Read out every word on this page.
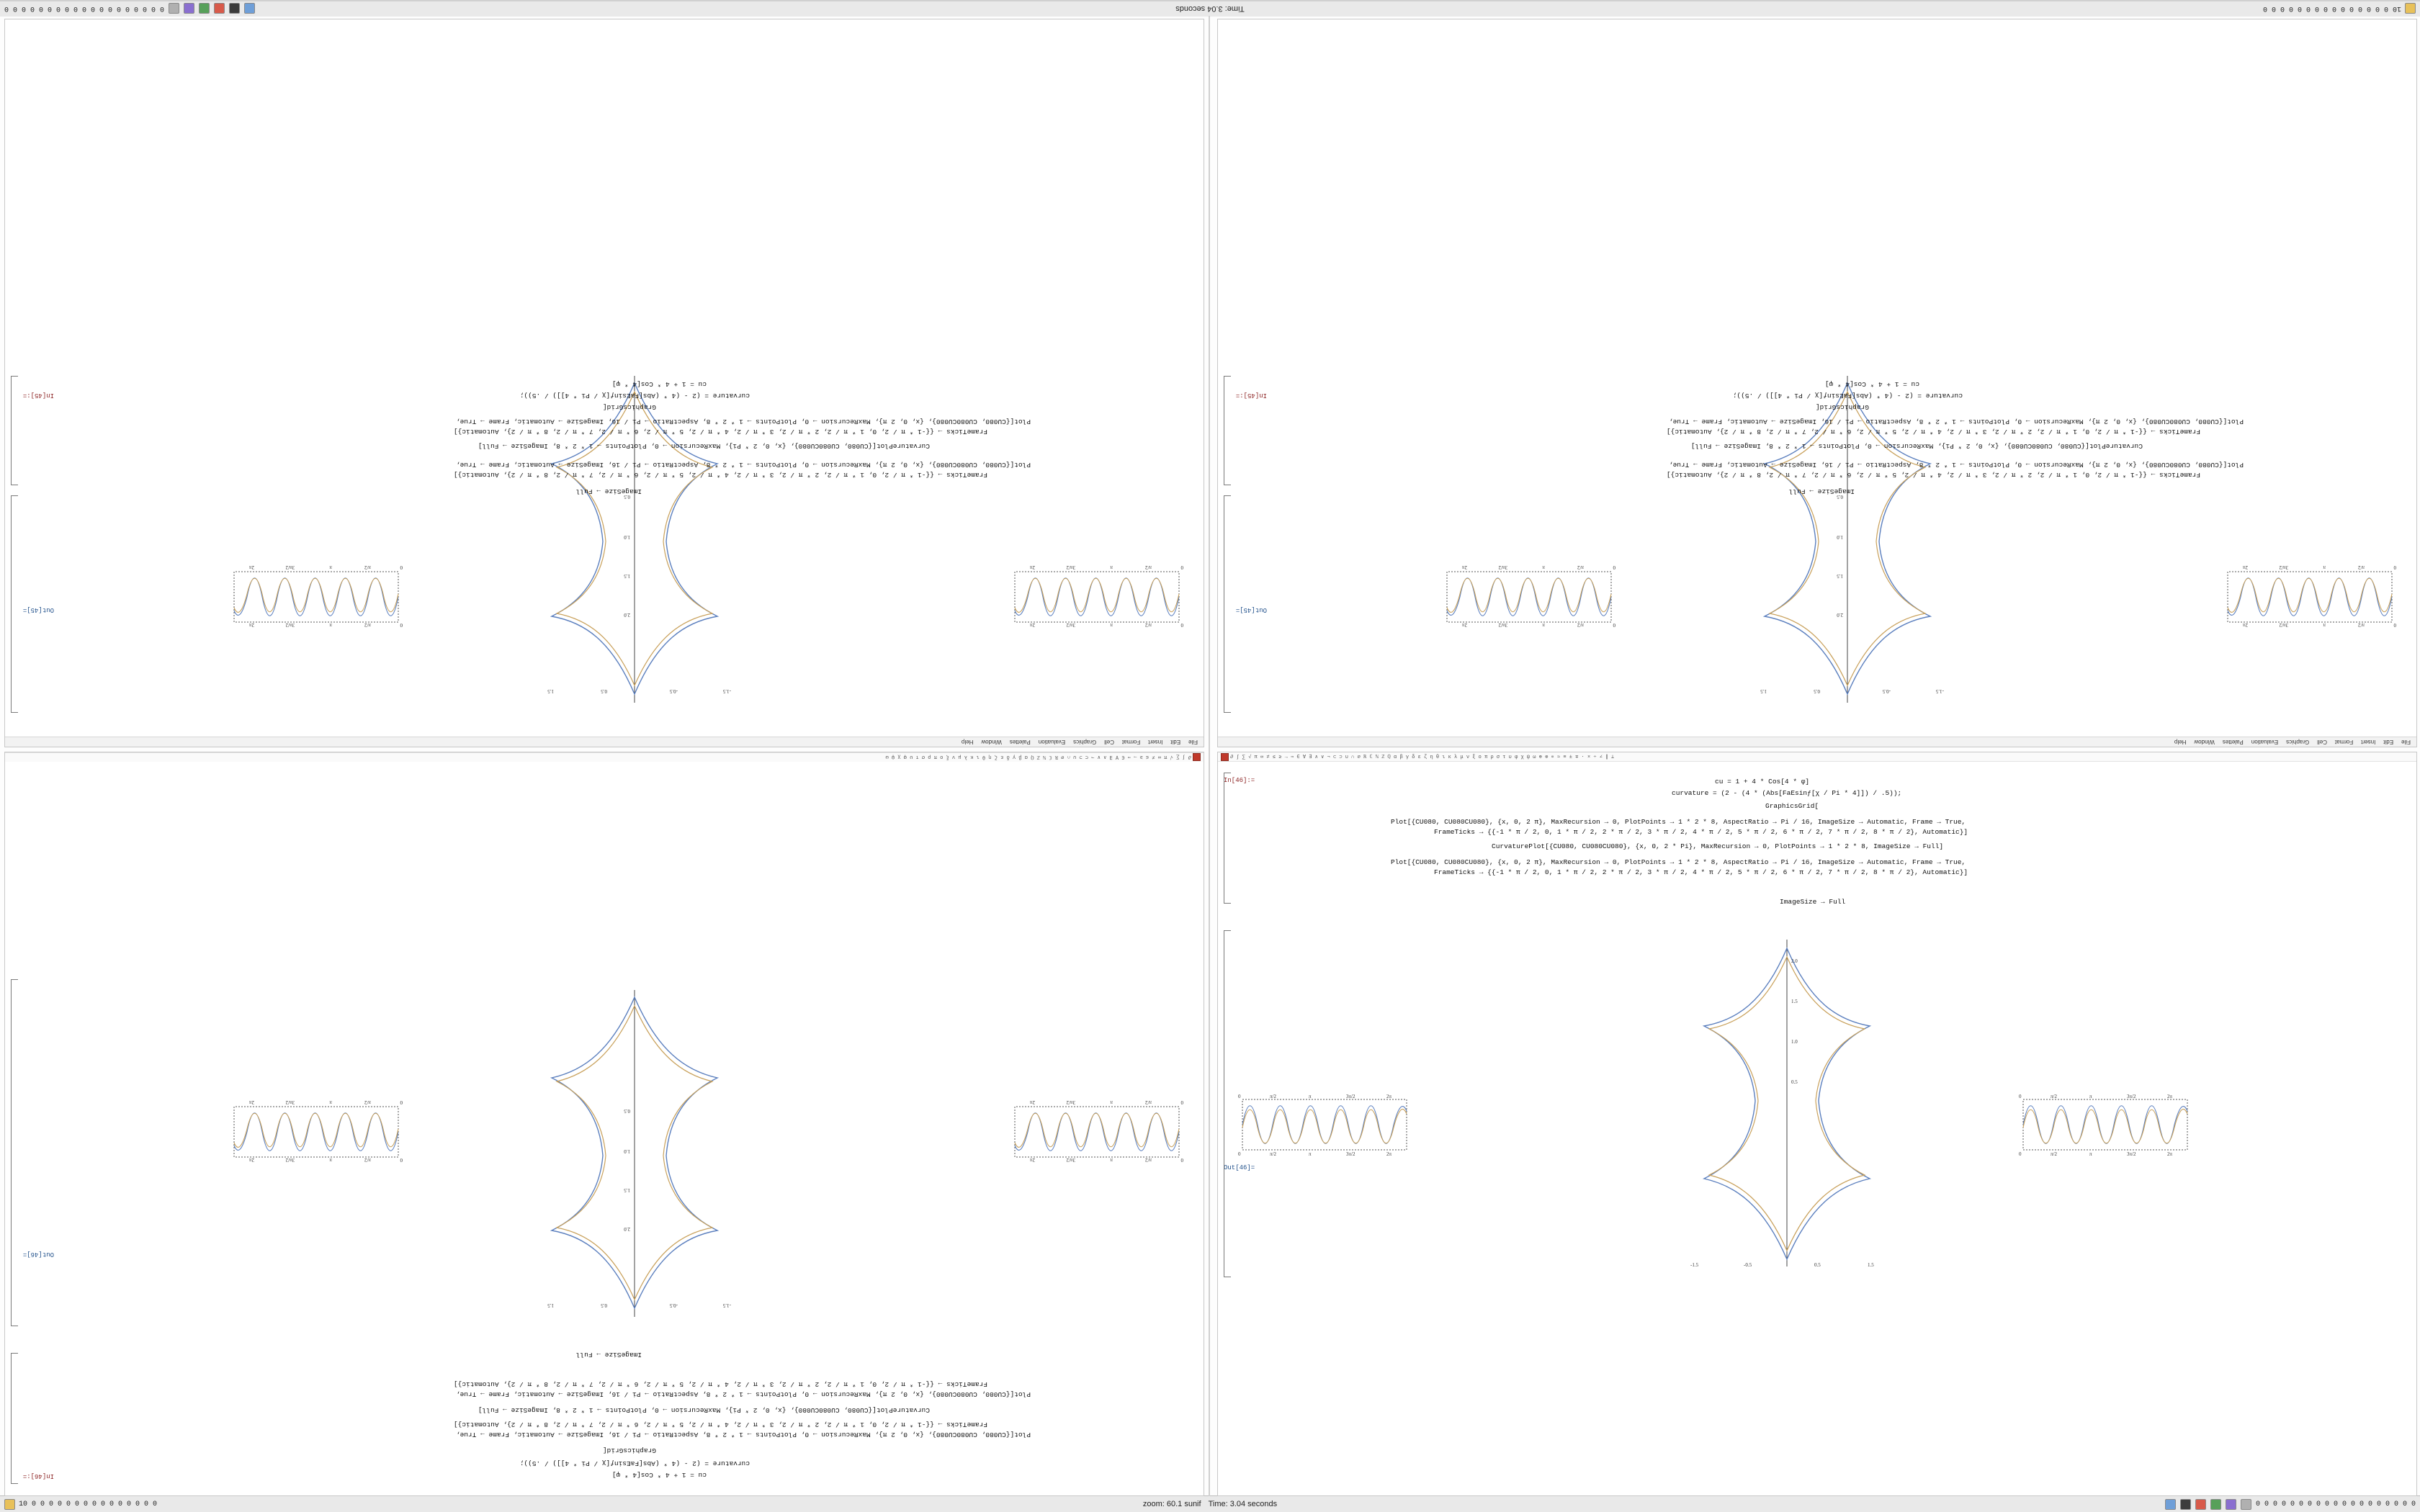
10 0 0 0 0 0 0 0 0 0 0 0 0 0 0 0
Time: 3.04 seconds
0 0 0 0 0 0 0 0 0 0 0 0 0 0 0 0 0 0 0
10 0 0 0 0 0 0 0 0 0 0 0 0 0 0 0	zoom: 60.1 sunif Time: 3.04 seconds	0 0 0 0 0 0 0 0 0 0 0 0 0 0 0 0 0 0 0
File
Edit
Insert
Format
Cell
Graphics
Evaluation
Palettes
Window
Help
-1.5
-0.5
0.5
1.5
2.0
1.5
1.0
0.5
0
π/2
π
3π/2
2π
0
π/2
π
3π/2
2π
0
π/2
π
3π/2
2π
0
π/2
π
3π/2
2π
Out[45]=
ImageSize → Full
FrameTicks → {{-1 * π / 2, 0, 1 * π / 2, 2 * π / 2, 3 * π / 2, 4 * π / 2, 5 * π / 2, 6 * π / 2, 7 * π / 2, 8 * π / 2}, Automatic}]
Plot[{CU080, CU080CU080}, {x, 0, 2 π}, MaxRecursion → 0, PlotPoints → 1 * 2 * 8, AspectRatio → Pi / 16, ImageSize → Automatic, Frame → True,
CurvaturePlot[{CU080, CU080CU080}, {x, 0, 2 * Pi}, MaxRecursion → 0, PlotPoints → 1 * 2 * 8, ImageSize → Full]
FrameTicks → {{-1 * π / 2, 0, 1 * π / 2, 2 * π / 2, 3 * π / 2, 4 * π / 2, 5 * π / 2, 6 * π / 2, 7 * π / 2, 8 * π / 2}, Automatic}]
Plot[{CU080, CU080CU080}, {x, 0, 2 π}, MaxRecursion → 0, PlotPoints → 1 * 2 * 8, AspectRatio → Pi / 16, ImageSize → Automatic, Frame → True,
GraphicsGrid[
curvature = (2 - (4 * (Abs[FaEsinƒ[χ / Pi * 4]]) / .5));
cu = 1 + 4 * Cos[4 * φ]
In[45]:=
File
Edit
Insert
Format
Cell
Graphics
Evaluation
Palettes
Window
Help
-1.5
-0.5
0.5
1.5
2.0
1.5
1.0
0.5
0
π/2
π
3π/2
2π
0
π/2
π
3π/2
2π
0
π/2
π
3π/2
2π
0
π/2
π
3π/2
2π
Out[45]=
ImageSize → Full
FrameTicks → {{-1 * π / 2, 0, 1 * π / 2, 2 * π / 2, 3 * π / 2, 4 * π / 2, 5 * π / 2, 6 * π / 2, 7 * π / 2, 8 * π / 2}, Automatic}]
Plot[{CU080, CU080CU080}, {x, 0, 2 π}, MaxRecursion → 0, PlotPoints → 1 * 2 * 8, AspectRatio → Pi / 16, ImageSize → Automatic, Frame → True,
CurvaturePlot[{CU080, CU080CU080}, {x, 0, 2 * Pi}, MaxRecursion → 0, PlotPoints → 1 * 2 * 8, ImageSize → Full]
FrameTicks → {{-1 * π / 2, 0, 1 * π / 2, 2 * π / 2, 3 * π / 2, 4 * π / 2, 5 * π / 2, 6 * π / 2, 7 * π / 2, 8 * π / 2}, Automatic}]
Plot[{CU080, CU080CU080}, {x, 0, 2 π}, MaxRecursion → 0, PlotPoints → 1 * 2 * 8, AspectRatio → Pi / 16, ImageSize → Automatic, Frame → True,
GraphicsGrid[
curvature = (2 - (4 * (Abs[FaEsinƒ[χ / Pi * 4]]) / .5));
cu = 1 + 4 * Cos[4 * φ]
In[45]:=
∂ ∫ ∑ √ π ∞ ≠ ≤ ≥ → ⇒ ∈ ∀ ∃ ∧ ∨ ¬ ⊂ ⊃ ∪ ∩ ∅ ℝ ℂ ℕ ℤ ℚ α β γ δ ε ζ η θ ι κ λ μ ν ξ ο π ρ σ τ υ φ χ ψ ω
In[46]:=	cu = 1 + 4 * Cos[4 * φ]
curvature = (2 - (4 * (Abs[FaEsinƒ[χ / Pi * 4]]) / .5));
GraphicsGrid[
Plot[{CU080, CU080CU080}, {x, 0, 2 π}, MaxRecursion → 0, PlotPoints → 1 * 2 * 8, AspectRatio → Pi / 16, ImageSize → Automatic, Frame → True,
FrameTicks → {{-1 * π / 2, 0, 1 * π / 2, 2 * π / 2, 3 * π / 2, 4 * π / 2, 5 * π / 2, 6 * π / 2, 7 * π / 2, 8 * π / 2}, Automatic}]
CurvaturePlot[{CU080, CU080CU080}, {x, 0, 2 * Pi}, MaxRecursion → 0, PlotPoints → 1 * 2 * 8, ImageSize → Full]
Plot[{CU080, CU080CU080}, {x, 0, 2 π}, MaxRecursion → 0, PlotPoints → 1 * 2 * 8, AspectRatio → Pi / 16, ImageSize → Automatic, Frame → True,
FrameTicks → {{-1 * π / 2, 0, 1 * π / 2, 2 * π / 2, 3 * π / 2, 4 * π / 2, 5 * π / 2, 6 * π / 2, 7 * π / 2, 8 * π / 2}, Automatic}]
ImageSize → Full
Out[46]=
-1.5
-0.5
0.5
1.5
2.0
1.5
1.0
0.5
0
π/2
π
3π/2
2π
0
π/2
π
3π/2
2π
0
π/2
π
3π/2
2π
0
π/2
π
3π/2
2π
∂ ∫ ∑ √ π ∞ ≠ ≤ ≥ → ⇒ ∈ ∀ ∃ ∧ ∨ ¬ ⊂ ⊃ ∪ ∩ ∅ ℝ ℂ ℕ ℤ ℚ α β γ δ ε ζ η θ ι κ λ μ ν ξ ο π ρ σ τ υ φ χ ψ ω ⊕ ⊗ ∝ ≈ ≡ ± ∓ ⋅ × ÷ ∠ ∥ ⊥
In[46]:=	cu = 1 + 4 * Cos[4 * φ]
curvature = (2 - (4 * (Abs[FaEsinƒ[χ / Pi * 4]]) / .5));
GraphicsGrid[
Plot[{CU080, CU080CU080}, {x, 0, 2 π}, MaxRecursion → 0, PlotPoints → 1 * 2 * 8, AspectRatio → Pi / 16, ImageSize → Automatic, Frame → True,
FrameTicks → {{-1 * π / 2, 0, 1 * π / 2, 2 * π / 2, 3 * π / 2, 4 * π / 2, 5 * π / 2, 6 * π / 2, 7 * π / 2, 8 * π / 2}, Automatic}]
CurvaturePlot[{CU080, CU080CU080}, {x, 0, 2 * Pi}, MaxRecursion → 0, PlotPoints → 1 * 2 * 8, ImageSize → Full]
Plot[{CU080, CU080CU080}, {x, 0, 2 π}, MaxRecursion → 0, PlotPoints → 1 * 2 * 8, AspectRatio → Pi / 16, ImageSize → Automatic, Frame → True,
FrameTicks → {{-1 * π / 2, 0, 1 * π / 2, 2 * π / 2, 3 * π / 2, 4 * π / 2, 5 * π / 2, 6 * π / 2, 7 * π / 2, 8 * π / 2}, Automatic}]
ImageSize → Full
Out[46]=
-1.5	-0.5	0.5	1.5
2.0
1.5
1.0
0.5
0	π/2	π	3π/2	2π
0	π/2	π	3π/2	2π
0	π/2	π	3π/2	2π
0	π/2	π	3π/2	2π
